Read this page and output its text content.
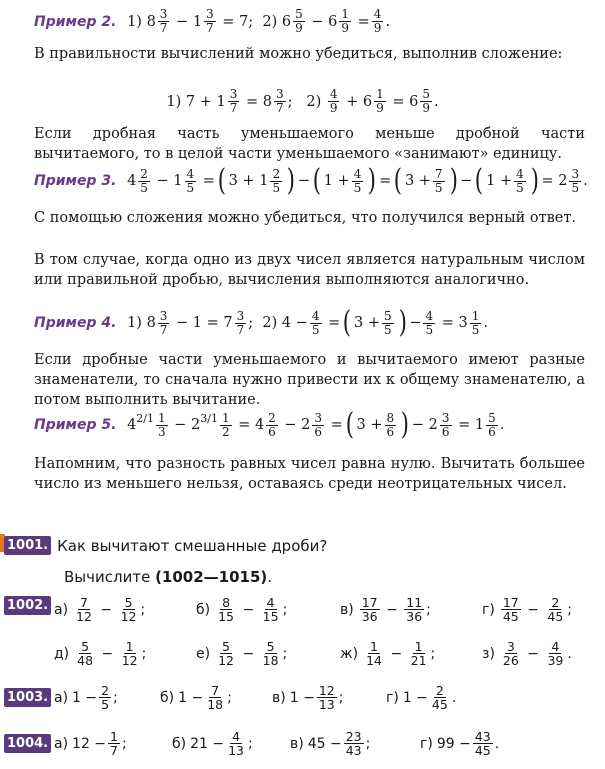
Пример 2. 1)
8 3
7
−
$1 \frac{3}{7}$
=
7;
2)
6 5
9
−
$6 \frac{1}{9}$
= $\frac{4}{9}$ .
В правильности вычислений можно убедиться, выполнив сложение:
1)
$7 + 1 \frac{3}{7}$
= 8 3
7 ;
2)
4
9
+ $6 \frac{1}{9}$
= 6 5
9 .
Если дробная часть уменьшаемого меньше дробной части вычитаемого, то в целой части уменьшаемого «занимают» единицу.
Пример 3. 4 2
5
− $1 \frac{4}{5}$
= ( 3 + 1 2
5 ) − ( $1 + \frac{4}{5}$ ) = ( $3 + \frac{7}{5}$ ) − ( $1 + \frac{4}{5}$ ) = 2 3
5 .
С помощью сложения можно убедиться, что получился верный ответ.
В том случае, когда одно из двух чисел является натуральным числом или правильной дробью, вычисления выполняются аналогично.
Пример 4. 1)
8 3
7
− 1 = 7 3
7 ;
2)
$4 - \frac{4}{5}$
= ( $3 + \frac{5}{5}$ ) − $\frac{4}{5}$
= 3 1
5 .
Если дробные части уменьшаемого и вычитаемого имеют разные знаменатели, то сначала нужно привести их к общему знаменателю, а потом выполнить вычитание.
Пример 5. 4 2/1 1
3
− 2 $3/1 \frac{1}{2}$
= 4 2
6
− $2 \frac{3}{6}$
= ( $3 + \frac{8}{6}$ ) − $2 \frac{3}{6}$
= 1 5
6 .
Напомним, что разность равных чисел равна нулю. Вычитать большее число из меньшего нельзя, оставаясь среди неотрицательных чисел.
1001. Как вычитают смешанные дроби?
Вычислите
(1002—1015) .
1002. а) 7
12
−
$\frac{5}{12}$ ;	б) 8
15
−
$\frac{4}{15}$ ;	в) 17
36
−
$\frac{11}{36}$ ;	г) 17
45
−
$\frac{2}{45}$ ;
д) 5
48
−
$\frac{1}{12}$ ;	е) 5
12
−
$\frac{5}{18}$ ;	ж) 1
14
−
$\frac{1}{21}$ ;	з) 3
26
−
$\frac{4}{39}$ .
1003. а) $1 - \frac{2}{5}$ ;	б) $1 - \frac{7}{18}$ ;	в) $1 - \frac{12}{13}$ ;	г) $1 - \frac{2}{45}$ .
1004. а) $12 - \frac{1}{7}$ ;	б) $21 - \frac{4}{13}$ ;	в) $45 - \frac{23}{43}$ ;	г) $99 - \frac{43}{45}$ .
